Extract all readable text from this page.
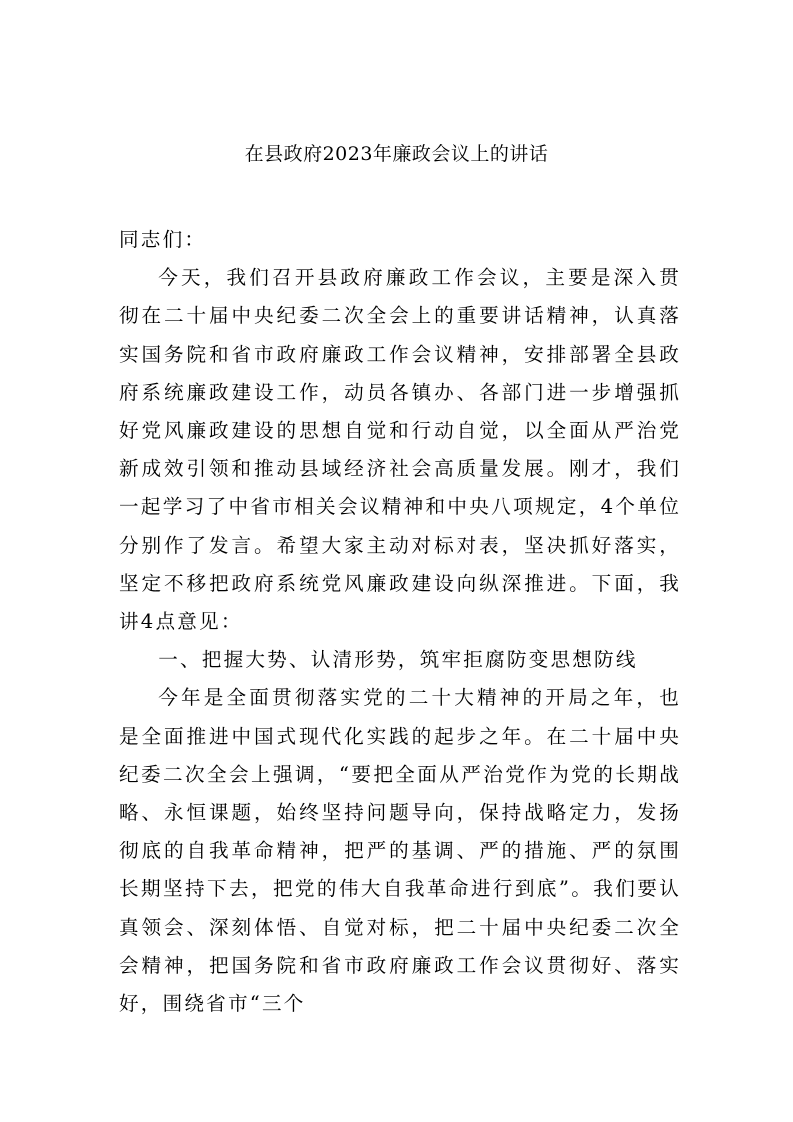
在县政府2023年廉政会议上的讲话

同志们：

今天，我们召开县政府廉政工作会议，主要是深入贯彻在二十届中央纪委二次全会上的重要讲话精神，认真落实国务院和省市政府廉政工作会议精神，安排部署全县政府系统廉政建设工作，动员各镇办、各部门进一步增强抓好党风廉政建设的思想自觉和行动自觉，以全面从严治党新成效引领和推动县域经济社会高质量发展。刚才，我们一起学习了中省市相关会议精神和中央八项规定，4个单位分别作了发言。希望大家主动对标对表，坚决抓好落实，坚定不移把政府系统党风廉政建设向纵深推进。下面，我讲4点意见：

一、把握大势、认清形势，筑牢拒腐防变思想防线

今年是全面贯彻落实党的二十大精神的开局之年，也是全面推进中国式现代化实践的起步之年。在二十届中央纪委二次全会上强调，“要把全面从严治党作为党的长期战略、永恒课题，始终坚持问题导向，保持战略定力，发扬彻底的自我革命精神，把严的基调、严的措施、严的氛围长期坚持下去，把党的伟大自我革命进行到底”。我们要认真领会、深刻体悟、自觉对标，把二十届中央纪委二次全会精神，把国务院和省市政府廉政工作会议贯彻好、落实好，围绕省市“三个
